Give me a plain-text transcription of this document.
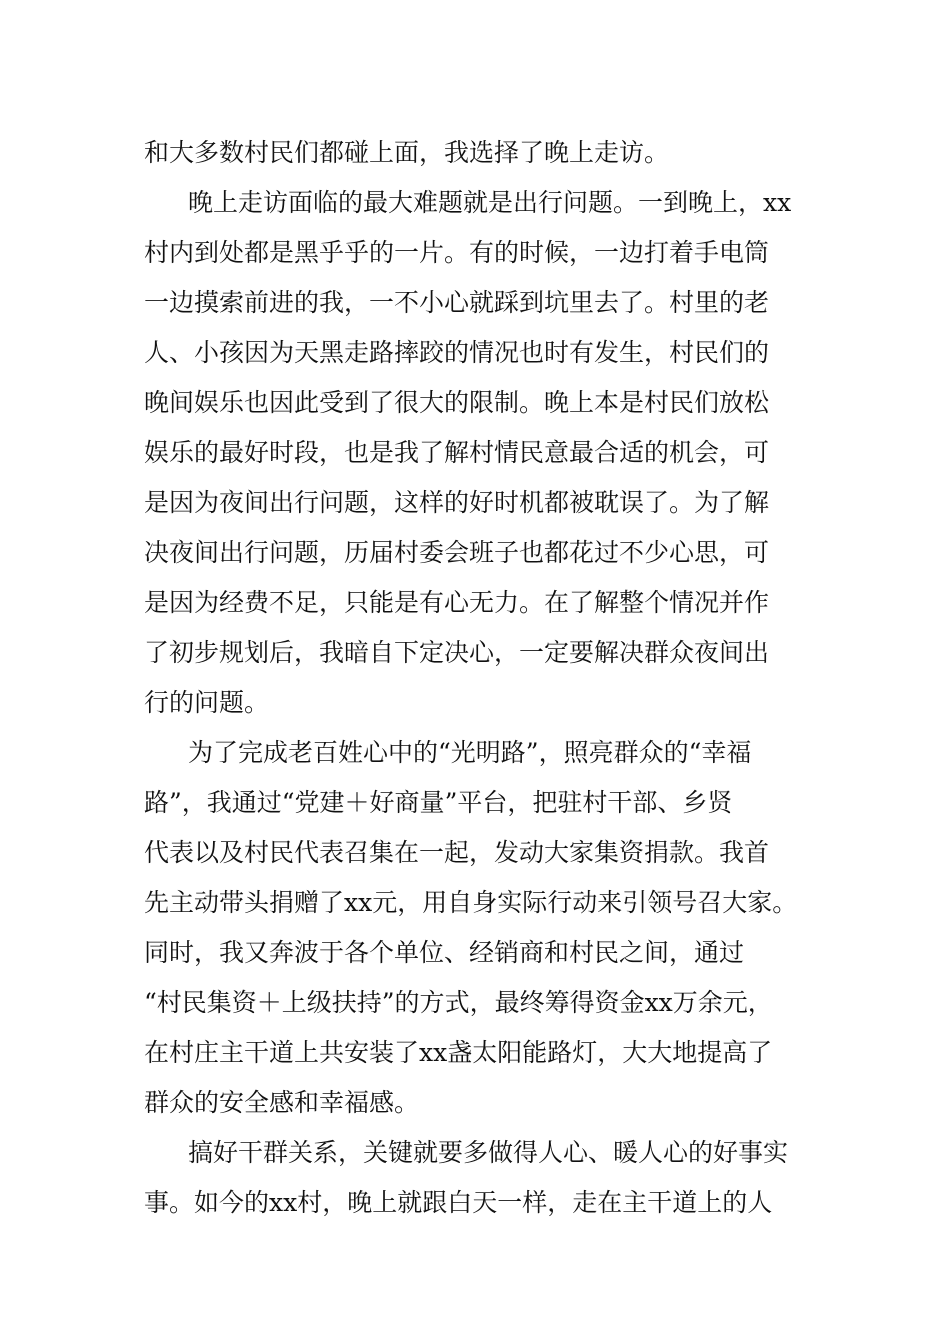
和大多数村民们都碰上面，我选择了晚上走访。
晚上走访面临的最大难题就是出行问题。一到晚上，xx
村内到处都是黑乎乎的一片。有的时候，一边打着手电筒
一边摸索前进的我，一不小心就踩到坑里去了。村里的老
人、小孩因为天黑走路摔跤的情况也时有发生，村民们的
晚间娱乐也因此受到了很大的限制。晚上本是村民们放松
娱乐的最好时段，也是我了解村情民意最合适的机会，可
是因为夜间出行问题，这样的好时机都被耽误了。为了解
决夜间出行问题，历届村委会班子也都花过不少心思，可
是因为经费不足，只能是有心无力。在了解整个情况并作
了初步规划后，我暗自下定决心，一定要解决群众夜间出
行的问题。
为了完成老百姓心中的“光明路”，照亮群众的“幸福
路”，我通过“党建＋好商量”平台，把驻村干部、乡贤
代表以及村民代表召集在一起，发动大家集资捐款。我首
先主动带头捐赠了xx元，用自身实际行动来引领号召大家。
同时，我又奔波于各个单位、经销商和村民之间，通过
“村民集资＋上级扶持”的方式，最终筹得资金xx万余元，
在村庄主干道上共安装了xx盏太阳能路灯，大大地提高了
群众的安全感和幸福感。
搞好干群关系，关键就要多做得人心、暖人心的好事实
事。如今的xx村，晚上就跟白天一样，走在主干道上的人
